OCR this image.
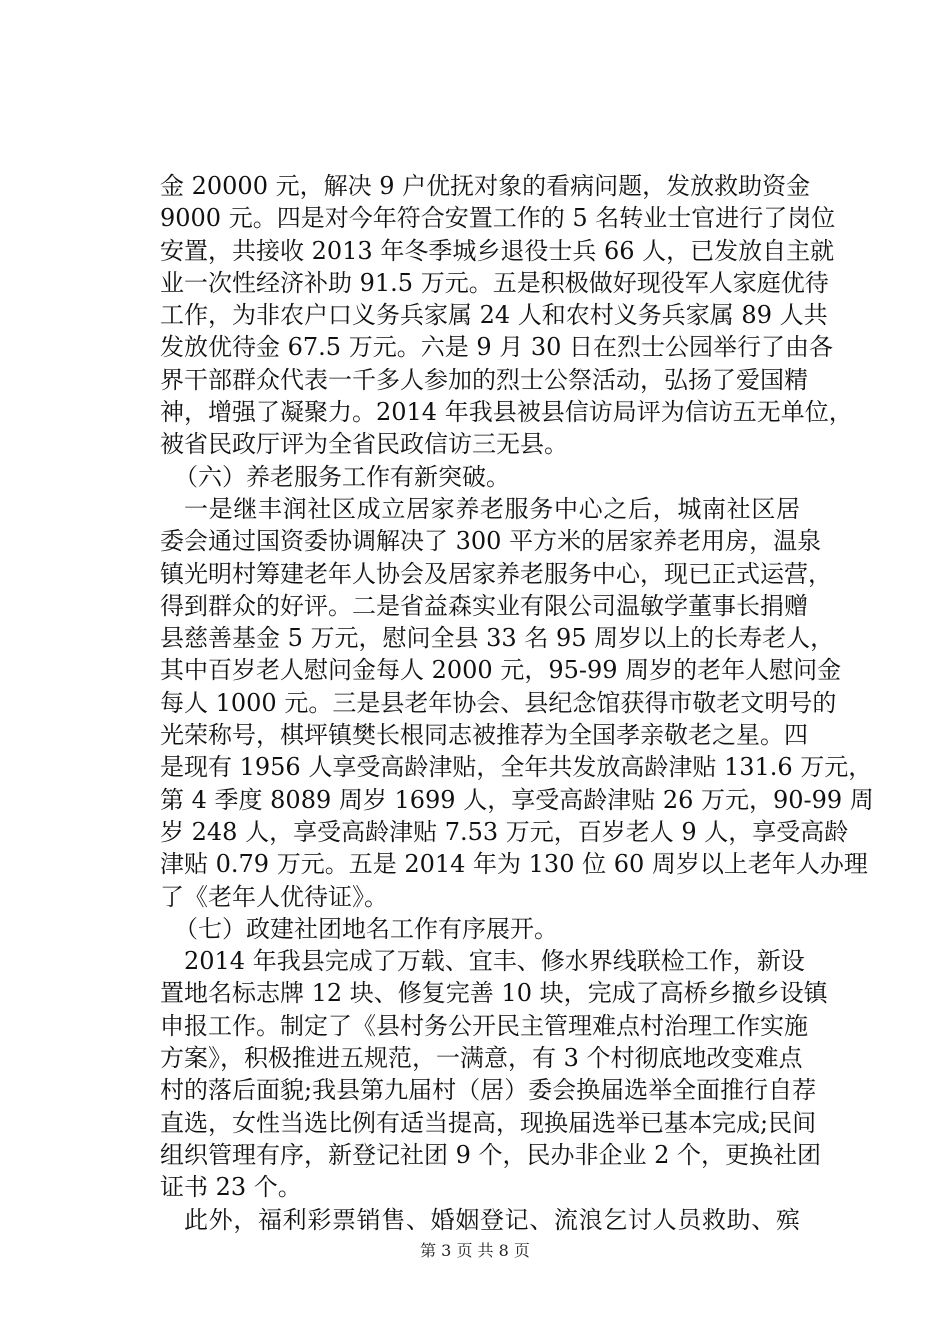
金 20000 元，解决 9 户优抚对象的看病问题，发放救助资金
9000 元。四是对今年符合安置工作的 5 名转业士官进行了岗位
安置，共接收 2013 年冬季城乡退役士兵 66 人，已发放自主就
业一次性经济补助 91.5 万元。五是积极做好现役军人家庭优待
工作，为非农户口义务兵家属 24 人和农村义务兵家属 89 人共
发放优待金 67.5 万元。六是 9 月 30 日在烈士公园举行了由各
界干部群众代表一千多人参加的烈士公祭活动，弘扬了爱国精
神，增强了凝聚力。2014 年我县被县信访局评为信访五无单位，
被省民政厅评为全省民政信访三无县。
（六）养老服务工作有新突破。
一是继丰润社区成立居家养老服务中心之后，城南社区居
委会通过国资委协调解决了 300 平方米的居家养老用房，温泉
镇光明村筹建老年人协会及居家养老服务中心，现已正式运营，
得到群众的好评。二是省益森实业有限公司温敏学董事长捐赠
县慈善基金 5 万元，慰问全县 33 名 95 周岁以上的长寿老人，
其中百岁老人慰问金每人 2000 元，95-99 周岁的老年人慰问金
每人 1000 元。三是县老年协会、县纪念馆获得市敬老文明号的
光荣称号，棋坪镇樊长根同志被推荐为全国孝亲敬老之星。四
是现有 1956 人享受高龄津贴，全年共发放高龄津贴 131.6 万元，
第 4 季度 8089 周岁 1699 人，享受高龄津贴 26 万元，90-99 周
岁 248 人，享受高龄津贴 7.53 万元，百岁老人 9 人，享受高龄
津贴 0.79 万元。五是 2014 年为 130 位 60 周岁以上老年人办理
了《老年人优待证》。
（七）政建社团地名工作有序展开。
2014 年我县完成了万载、宜丰、修水界线联检工作，新设
置地名标志牌 12 块、修复完善 10 块，完成了高桥乡撤乡设镇
申报工作。制定了《县村务公开民主管理难点村治理工作实施
方案》，积极推进五规范，一满意，有 3 个村彻底地改变难点
村的落后面貌;我县第九届村（居）委会换届选举全面推行自荐
直选，女性当选比例有适当提高，现换届选举已基本完成;民间
组织管理有序，新登记社团 9 个，民办非企业 2 个，更换社团
证书 23 个。
此外，福利彩票销售、婚姻登记、流浪乞讨人员救助、殡
第 3 页 共 8 页
